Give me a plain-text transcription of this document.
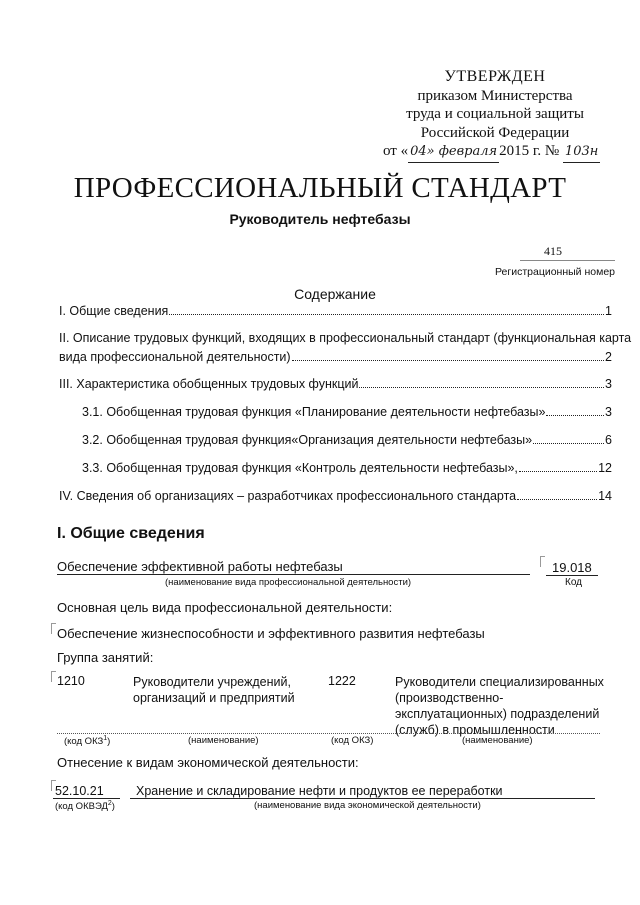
УТВЕРЖДЕН
приказом Министерства
труда и социальной защиты
Российской Федерации
от « 04» февраля 2015 г. № 103н
ПРОФЕССИОНАЛЬНЫЙ СТАНДАРТ
Руководитель нефтебазы
415
Регистрационный номер
Содержание
I. Общие сведения	1
II. Описание трудовых функций, входящих в профессиональный стандарт (функциональная карта
вида профессиональной деятельности)	2
III. Характеристика обобщенных трудовых функций	3
3.1. Обобщенная трудовая функция «Планирование деятельности нефтебазы»	3
3.2. Обобщенная трудовая функция«Организация деятельности нефтебазы»	6
3.3. Обобщенная трудовая функция «Контроль деятельности нефтебазы»,	12
IV. Сведения об организациях – разработчиках профессионального стандарта	14
I. Общие сведения
Обеспечение эффективной работы нефтебазы
(наименование вида профессиональной деятельности)
19.018
Код
Основная цель вида профессиональной деятельности:
Обеспечение жизнеспособности и эффективного развития нефтебазы
Группа занятий:
1210	Руководители учреждений, организаций и предприятий
1222	Руководители специализированных
(производственно-
эксплуатационных) подразделений
(служб) в промышленности
(код ОКЗ$^1$)	(наименование)	(код ОКЗ)	(наименование)
Отнесение к видам экономической деятельности:
52.10.21	Хранение и складирование нефти и продуктов ее переработки
(код ОКВЭД$^2$)	(наименование вида экономической деятельности)
